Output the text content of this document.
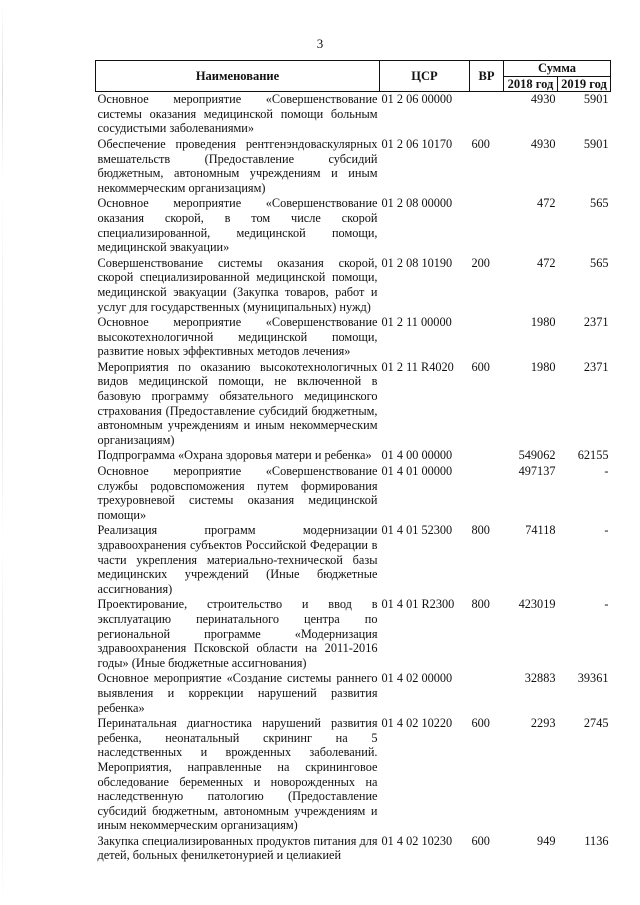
3
Наименование	ЦСР	ВР	Сумма	
			2018 год	2019 год
Основное мероприятие «Совершенствование системы оказания медицинской помощи больным сосудистыми заболеваниями»	01 2 06 00000		4930	5901
Обеспечение проведения рентгенэндоваскулярных вмешательств (Предоставление субсидий бюджетным, автономным учреждениям и иным некоммерческим организациям)	01 2 06 10170	600	4930	5901
Основное мероприятие «Совершенствование оказания скорой, в том числе скорой специализированной, медицинской помощи, медицинской эвакуации»	01 2 08 00000		472	565
Совершенствование системы оказания скорой, скорой специализированной медицинской помощи, медицинской эвакуации (Закупка товаров, работ и услуг для государственных (муниципальных) нужд)	01 2 08 10190	200	472	565
Основное мероприятие «Совершенствование высокотехнологичной медицинской помощи, развитие новых эффективных методов лечения»	01 2 11 00000		1980	2371
Мероприятия по оказанию высокотехнологичных видов медицинской помощи, не включенной в базовую программу обязательного медицинского страхования (Предоставление субсидий бюджетным, автономным учреждениям и иным некоммерческим организациям)	01 2 11 R4020	600	1980	2371
Подпрограмма «Охрана здоровья матери и ребенка»	01 4 00 00000		549062	62155
Основное мероприятие «Совершенствование службы родовспоможения путем формирования трехуровневой системы оказания медицинской помощи»	01 4 01 00000		497137	-
Реализация программ модернизации здравоохранения субъектов Российской Федерации в части укрепления материально-технической базы медицинских учреждений (Иные бюджетные ассигнования)	01 4 01 52300	800	74118	-
Проектирование, строительство и ввод в эксплуатацию перинатального центра по региональной программе «Модернизация здравоохранения Псковской области на 2011-2016 годы» (Иные бюджетные ассигнования)	01 4 01 R2300	800	423019	-
Основное мероприятие «Создание системы раннего выявления и коррекции нарушений развития ребенка»	01 4 02 00000		32883	39361
Перинатальная диагностика нарушений развития ребенка, неонатальный скрининг на 5 наследственных и врожденных заболеваний. Мероприятия, направленные на скрининговое обследование беременных и новорожденных на наследственную патологию (Предоставление субсидий бюджетным, автономным учреждениям и иным некоммерческим организациям)	01 4 02 10220	600	2293	2745
Закупка специализированных продуктов питания для детей, больных фенилкетонурией и целиакией	01 4 02 10230	600	949	1136
